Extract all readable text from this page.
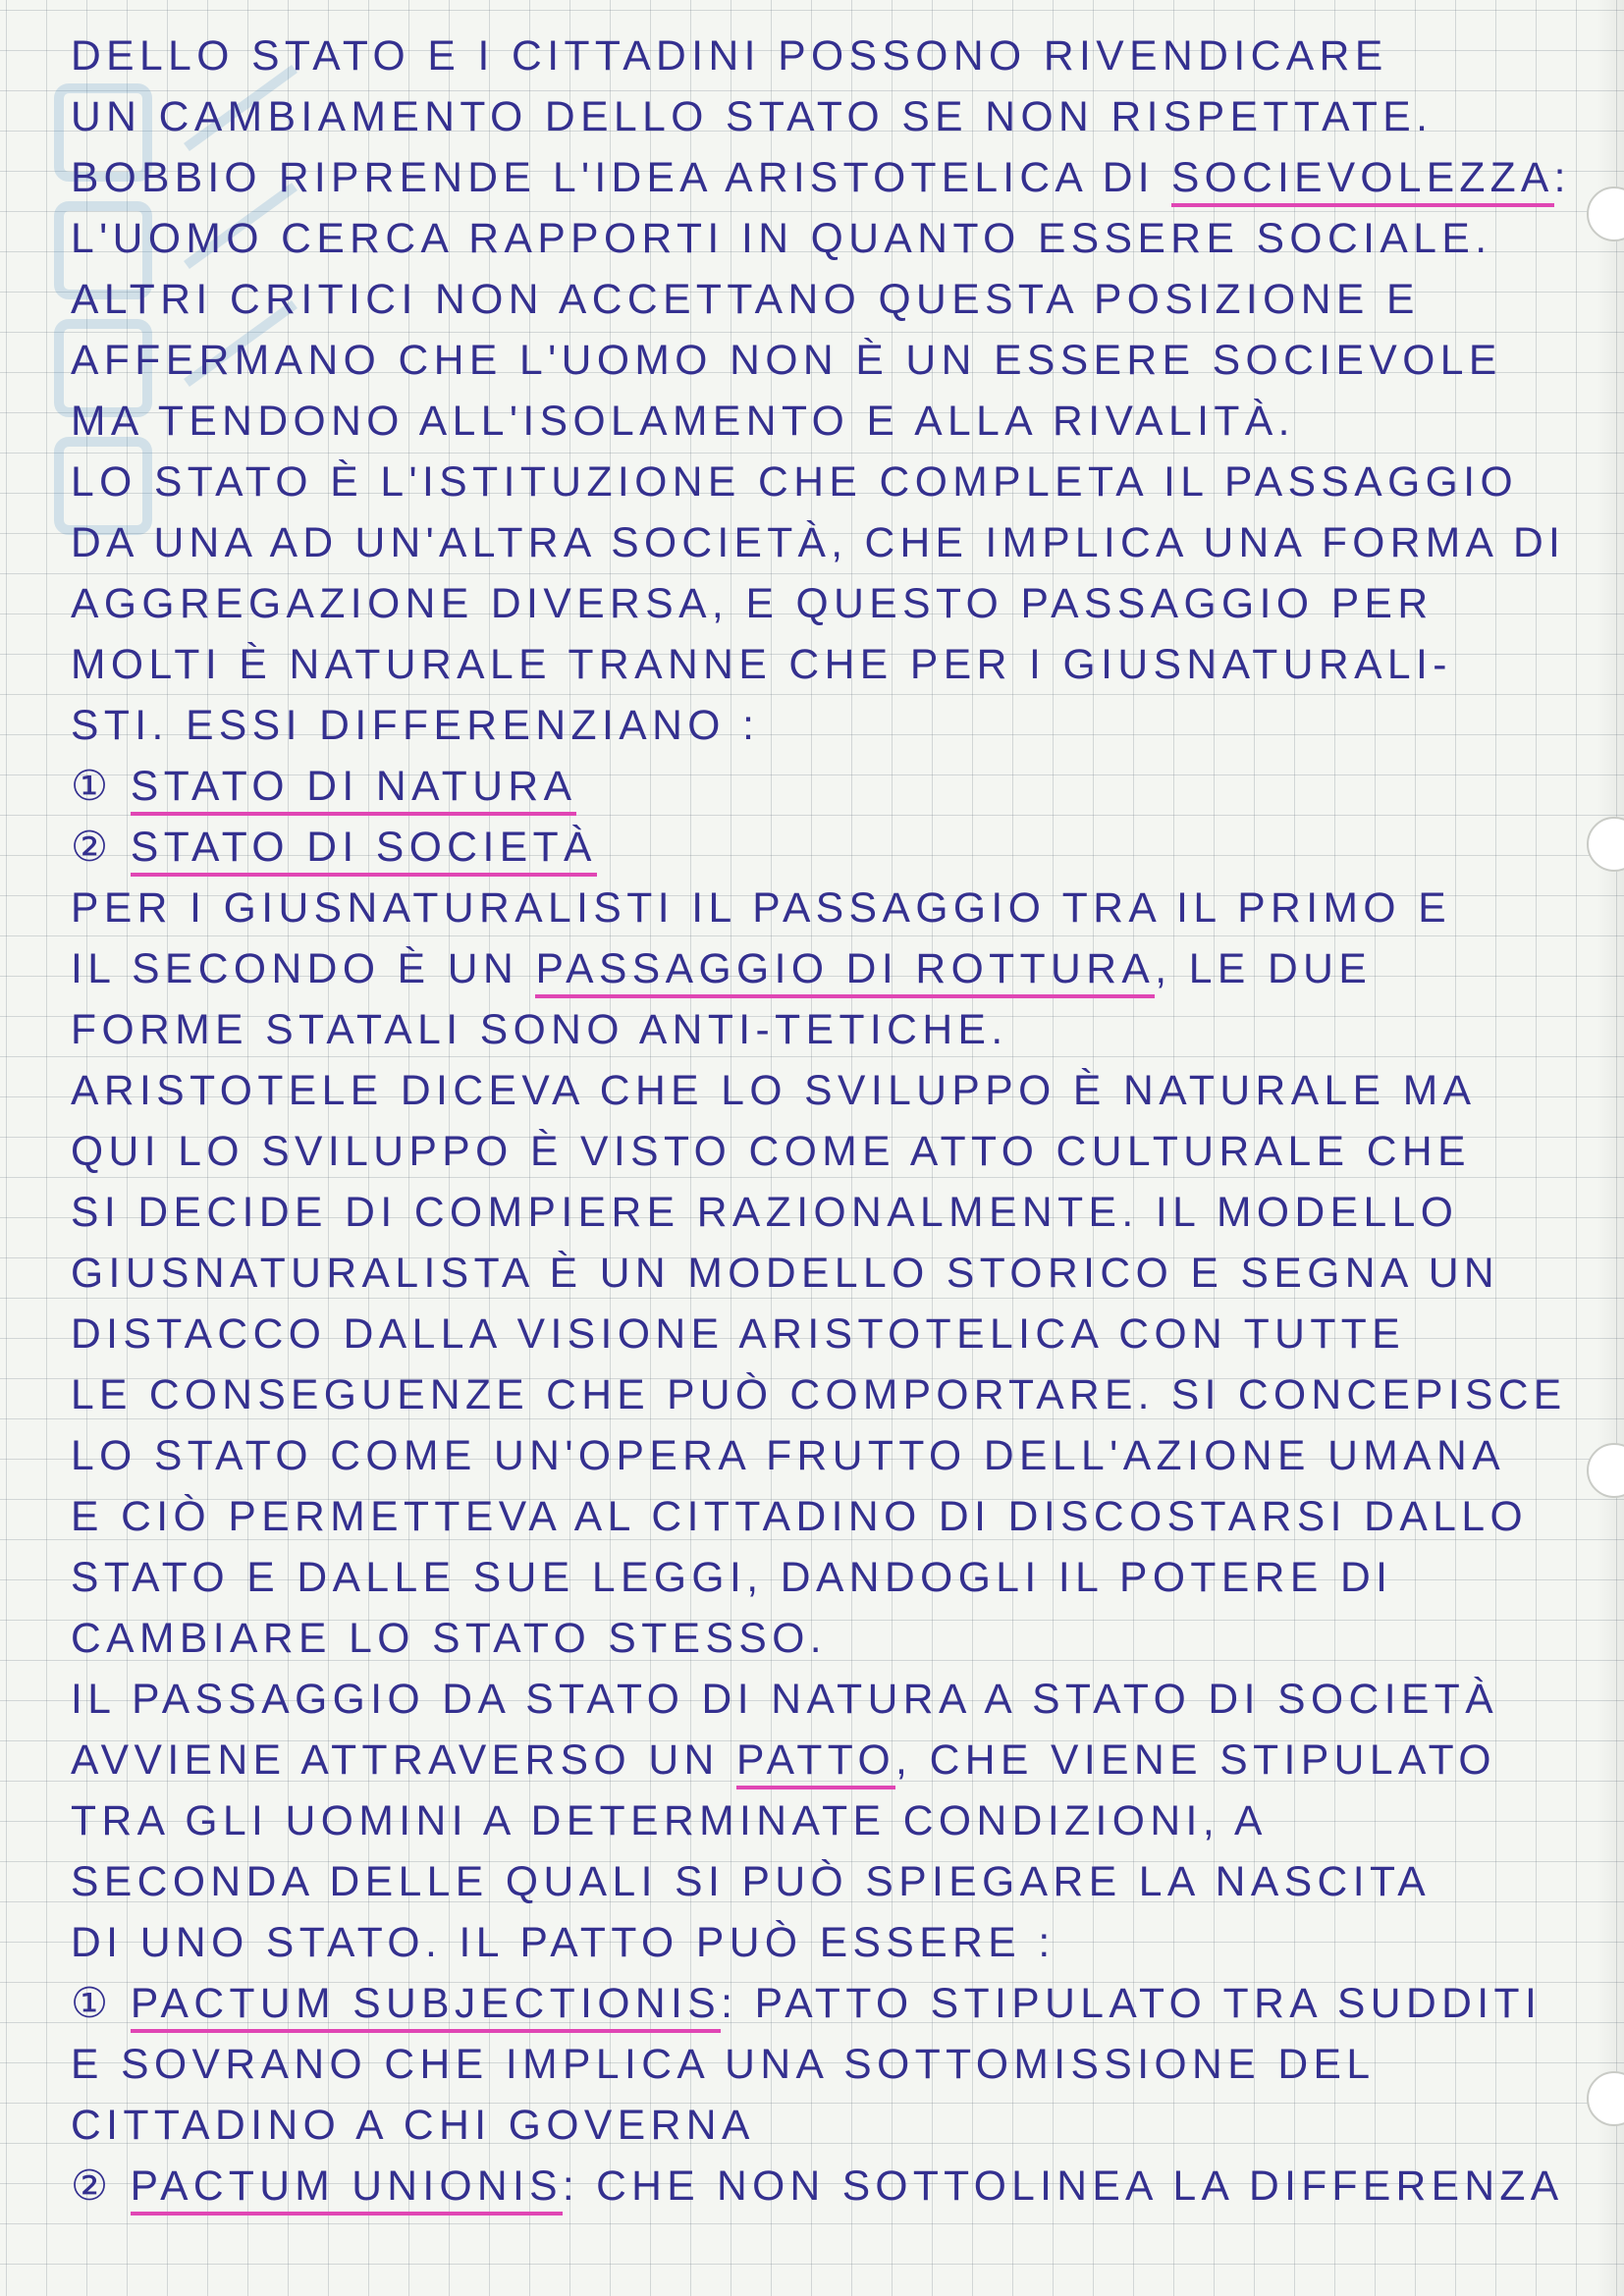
DELLO STATO E I CITTADINI POSSONO RIVENDICARE
UN CAMBIAMENTO DELLO STATO SE NON RISPETTATE.
BOBBIO RIPRENDE L'IDEA ARISTOTELICA DI SOCIEVOLEZZA:
L'UOMO CERCA RAPPORTI IN QUANTO ESSERE SOCIALE.
ALTRI CRITICI NON ACCETTANO QUESTA POSIZIONE E
AFFERMANO CHE L'UOMO NON È UN ESSERE SOCIEVOLE
MA TENDONO ALL'ISOLAMENTO E ALLA RIVALITÀ.
LO STATO È L'ISTITUZIONE CHE COMPLETA IL PASSAGGIO
DA UNA AD UN'ALTRA SOCIETÀ, CHE IMPLICA UNA FORMA DI
AGGREGAZIONE DIVERSA, E QUESTO PASSAGGIO PER
MOLTI È NATURALE TRANNE CHE PER I GIUSNATURALI-
STI. ESSI DIFFERENZIANO :
① STATO DI NATURA
② STATO DI SOCIETÀ
PER I GIUSNATURALISTI IL PASSAGGIO TRA IL PRIMO E
IL SECONDO È UN PASSAGGIO DI ROTTURA, LE DUE
FORME STATALI SONO ANTI-TETICHE.
ARISTOTELE DICEVA CHE LO SVILUPPO È NATURALE MA
QUI LO SVILUPPO È VISTO COME ATTO CULTURALE CHE
SI DECIDE DI COMPIERE RAZIONALMENTE. IL MODELLO
GIUSNATURALISTA È UN MODELLO STORICO E SEGNA UN
DISTACCO DALLA VISIONE ARISTOTELICA CON TUTTE
LE CONSEGUENZE CHE PUÒ COMPORTARE. SI CONCEPISCE
LO STATO COME UN'OPERA FRUTTO DELL'AZIONE UMANA
E CIÒ PERMETTEVA AL CITTADINO DI DISCOSTARSI DALLO
STATO E DALLE SUE LEGGI, DANDOGLI IL POTERE DI
CAMBIARE LO STATO STESSO.
IL PASSAGGIO DA STATO DI NATURA A STATO DI SOCIETÀ
AVVIENE ATTRAVERSO UN PATTO, CHE VIENE STIPULATO
TRA GLI UOMINI A DETERMINATE CONDIZIONI, A
SECONDA DELLE QUALI SI PUÒ SPIEGARE LA NASCITA
DI UNO STATO. IL PATTO PUÒ ESSERE :
① PACTUM SUBJECTIONIS: PATTO STIPULATO TRA SUDDITI
E SOVRANO CHE IMPLICA UNA SOTTOMISSIONE DEL
CITTADINO A CHI GOVERNA
② PACTUM UNIONIS: CHE NON SOTTOLINEA LA DIFFERENZA
